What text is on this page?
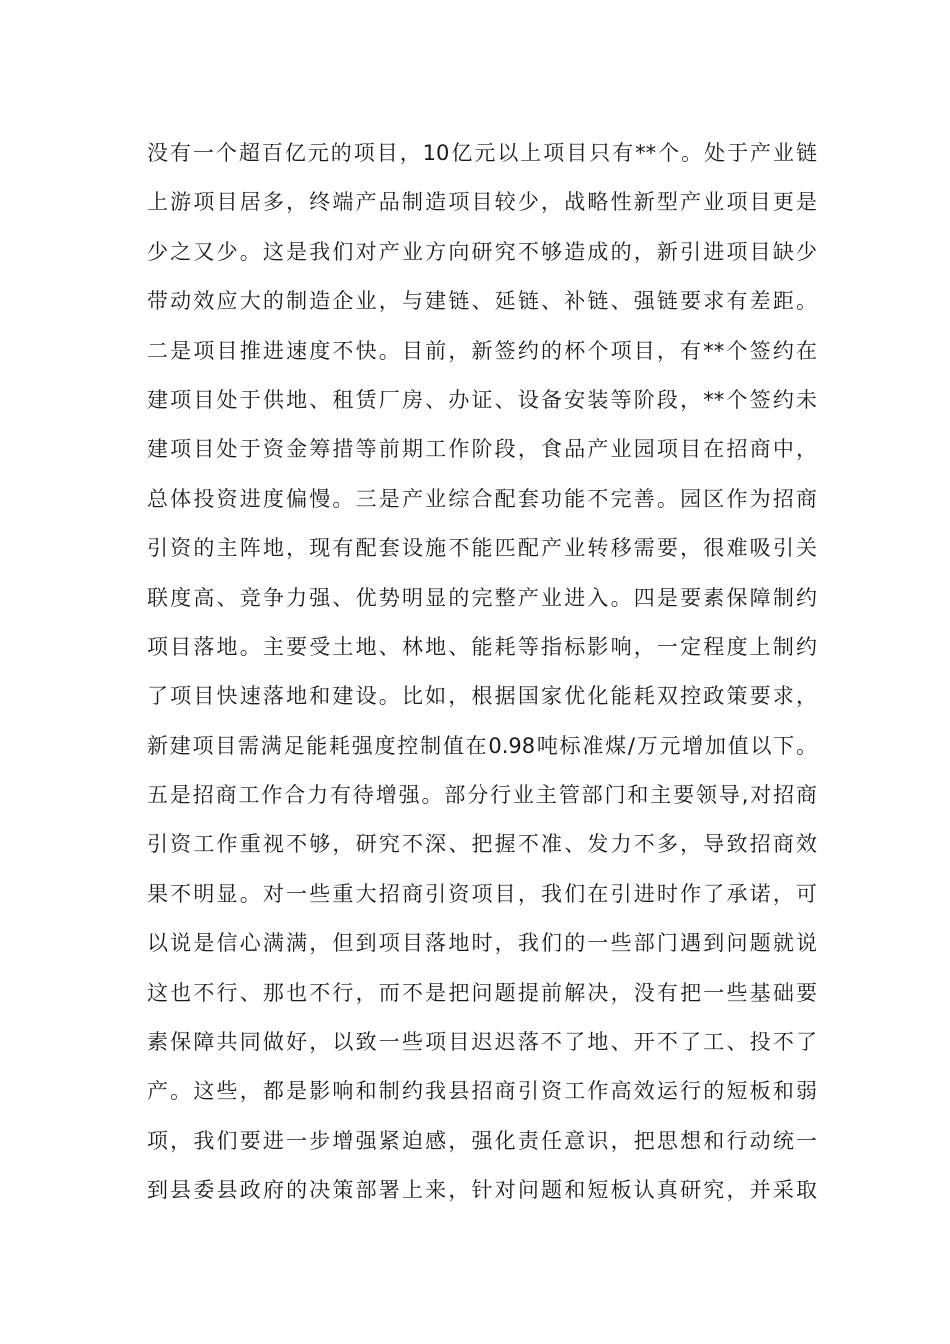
没有一个超百亿元的项目，10亿元以上项目只有**个。处于产业链
上游项目居多，终端产品制造项目较少，战略性新型产业项目更是
少之又少。这是我们对产业方向研究不够造成的，新引进项目缺少
带动效应大的制造企业，与建链、延链、补链、强链要求有差距。
二是项目推进速度不快。目前，新签约的杯个项目，有**个签约在
建项目处于供地、租赁厂房、办证、设备安装等阶段，**个签约未
建项目处于资金筹措等前期工作阶段，食品产业园项目在招商中，
总体投资进度偏慢。三是产业综合配套功能不完善。园区作为招商
引资的主阵地，现有配套设施不能匹配产业转移需要，很难吸引关
联度高、竞争力强、优势明显的完整产业进入。四是要素保障制约
项目落地。主要受土地、林地、能耗等指标影响，一定程度上制约
了项目快速落地和建设。比如，根据国家优化能耗双控政策要求，
新建项目需满足能耗强度控制值在0.98吨标准煤/万元增加值以下。
五是招商工作合力有待增强。部分行业主管部门和主要领导,对招商
引资工作重视不够，研究不深、把握不准、发力不多，导致招商效
果不明显。对一些重大招商引资项目，我们在引进时作了承诺，可
以说是信心满满，但到项目落地时，我们的一些部门遇到问题就说
这也不行、那也不行，而不是把问题提前解决，没有把一些基础要
素保障共同做好，以致一些项目迟迟落不了地、开不了工、投不了
产。这些，都是影响和制约我县招商引资工作高效运行的短板和弱
项，我们要进一步增强紧迫感，强化责任意识，把思想和行动统一
到县委县政府的决策部署上来，针对问题和短板认真研究，并采取
